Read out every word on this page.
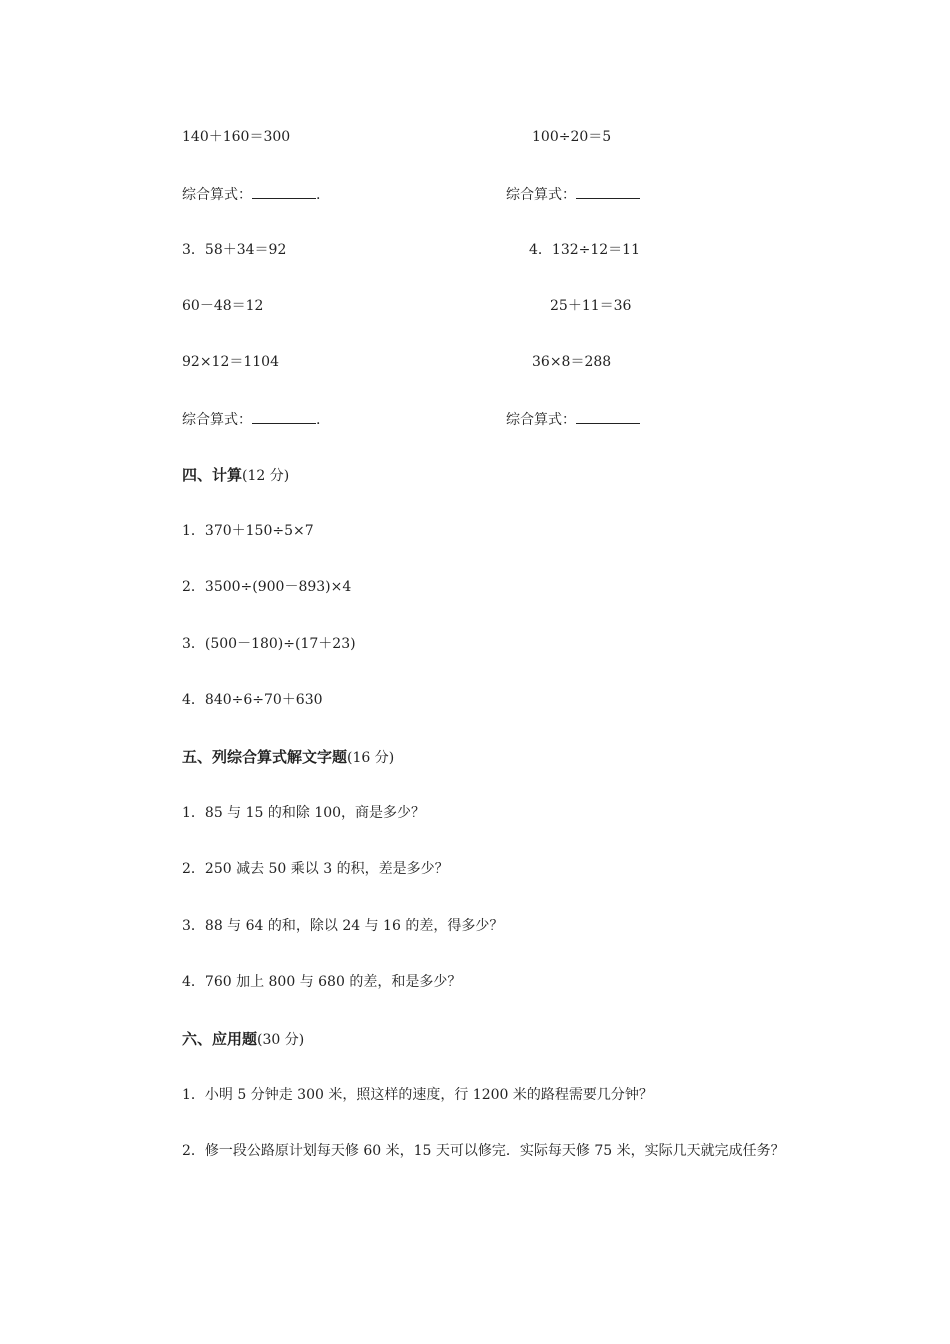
140＋160＝300	100÷20＝5
综合算式：	.	综合算式：
3．58＋34＝92	4．132÷12＝11
60－48＝12	25＋11＝36
92×12＝1104	36×8＝288
综合算式：	.	综合算式：
四、计算(12 分)
1．370＋150÷5×7
2．3500÷(900－893)×4
3．(500－180)÷(17＋23)
4．840÷6÷70＋630
五、列综合算式解文字题(16 分)
1．85 与 15 的和除 100，商是多少？
2．250 减去 50 乘以 3 的积，差是多少？
3．88 与 64 的和，除以 24 与 16 的差，得多少？
4．760 加上 800 与 680 的差，和是多少？
六、应用题(30 分)
1．小明 5 分钟走 300 米，照这样的速度，行 1200 米的路程需要几分钟？
2．修一段公路原计划每天修 60 米，15 天可以修完．实际每天修 75 米，实际几天就完成任务？
